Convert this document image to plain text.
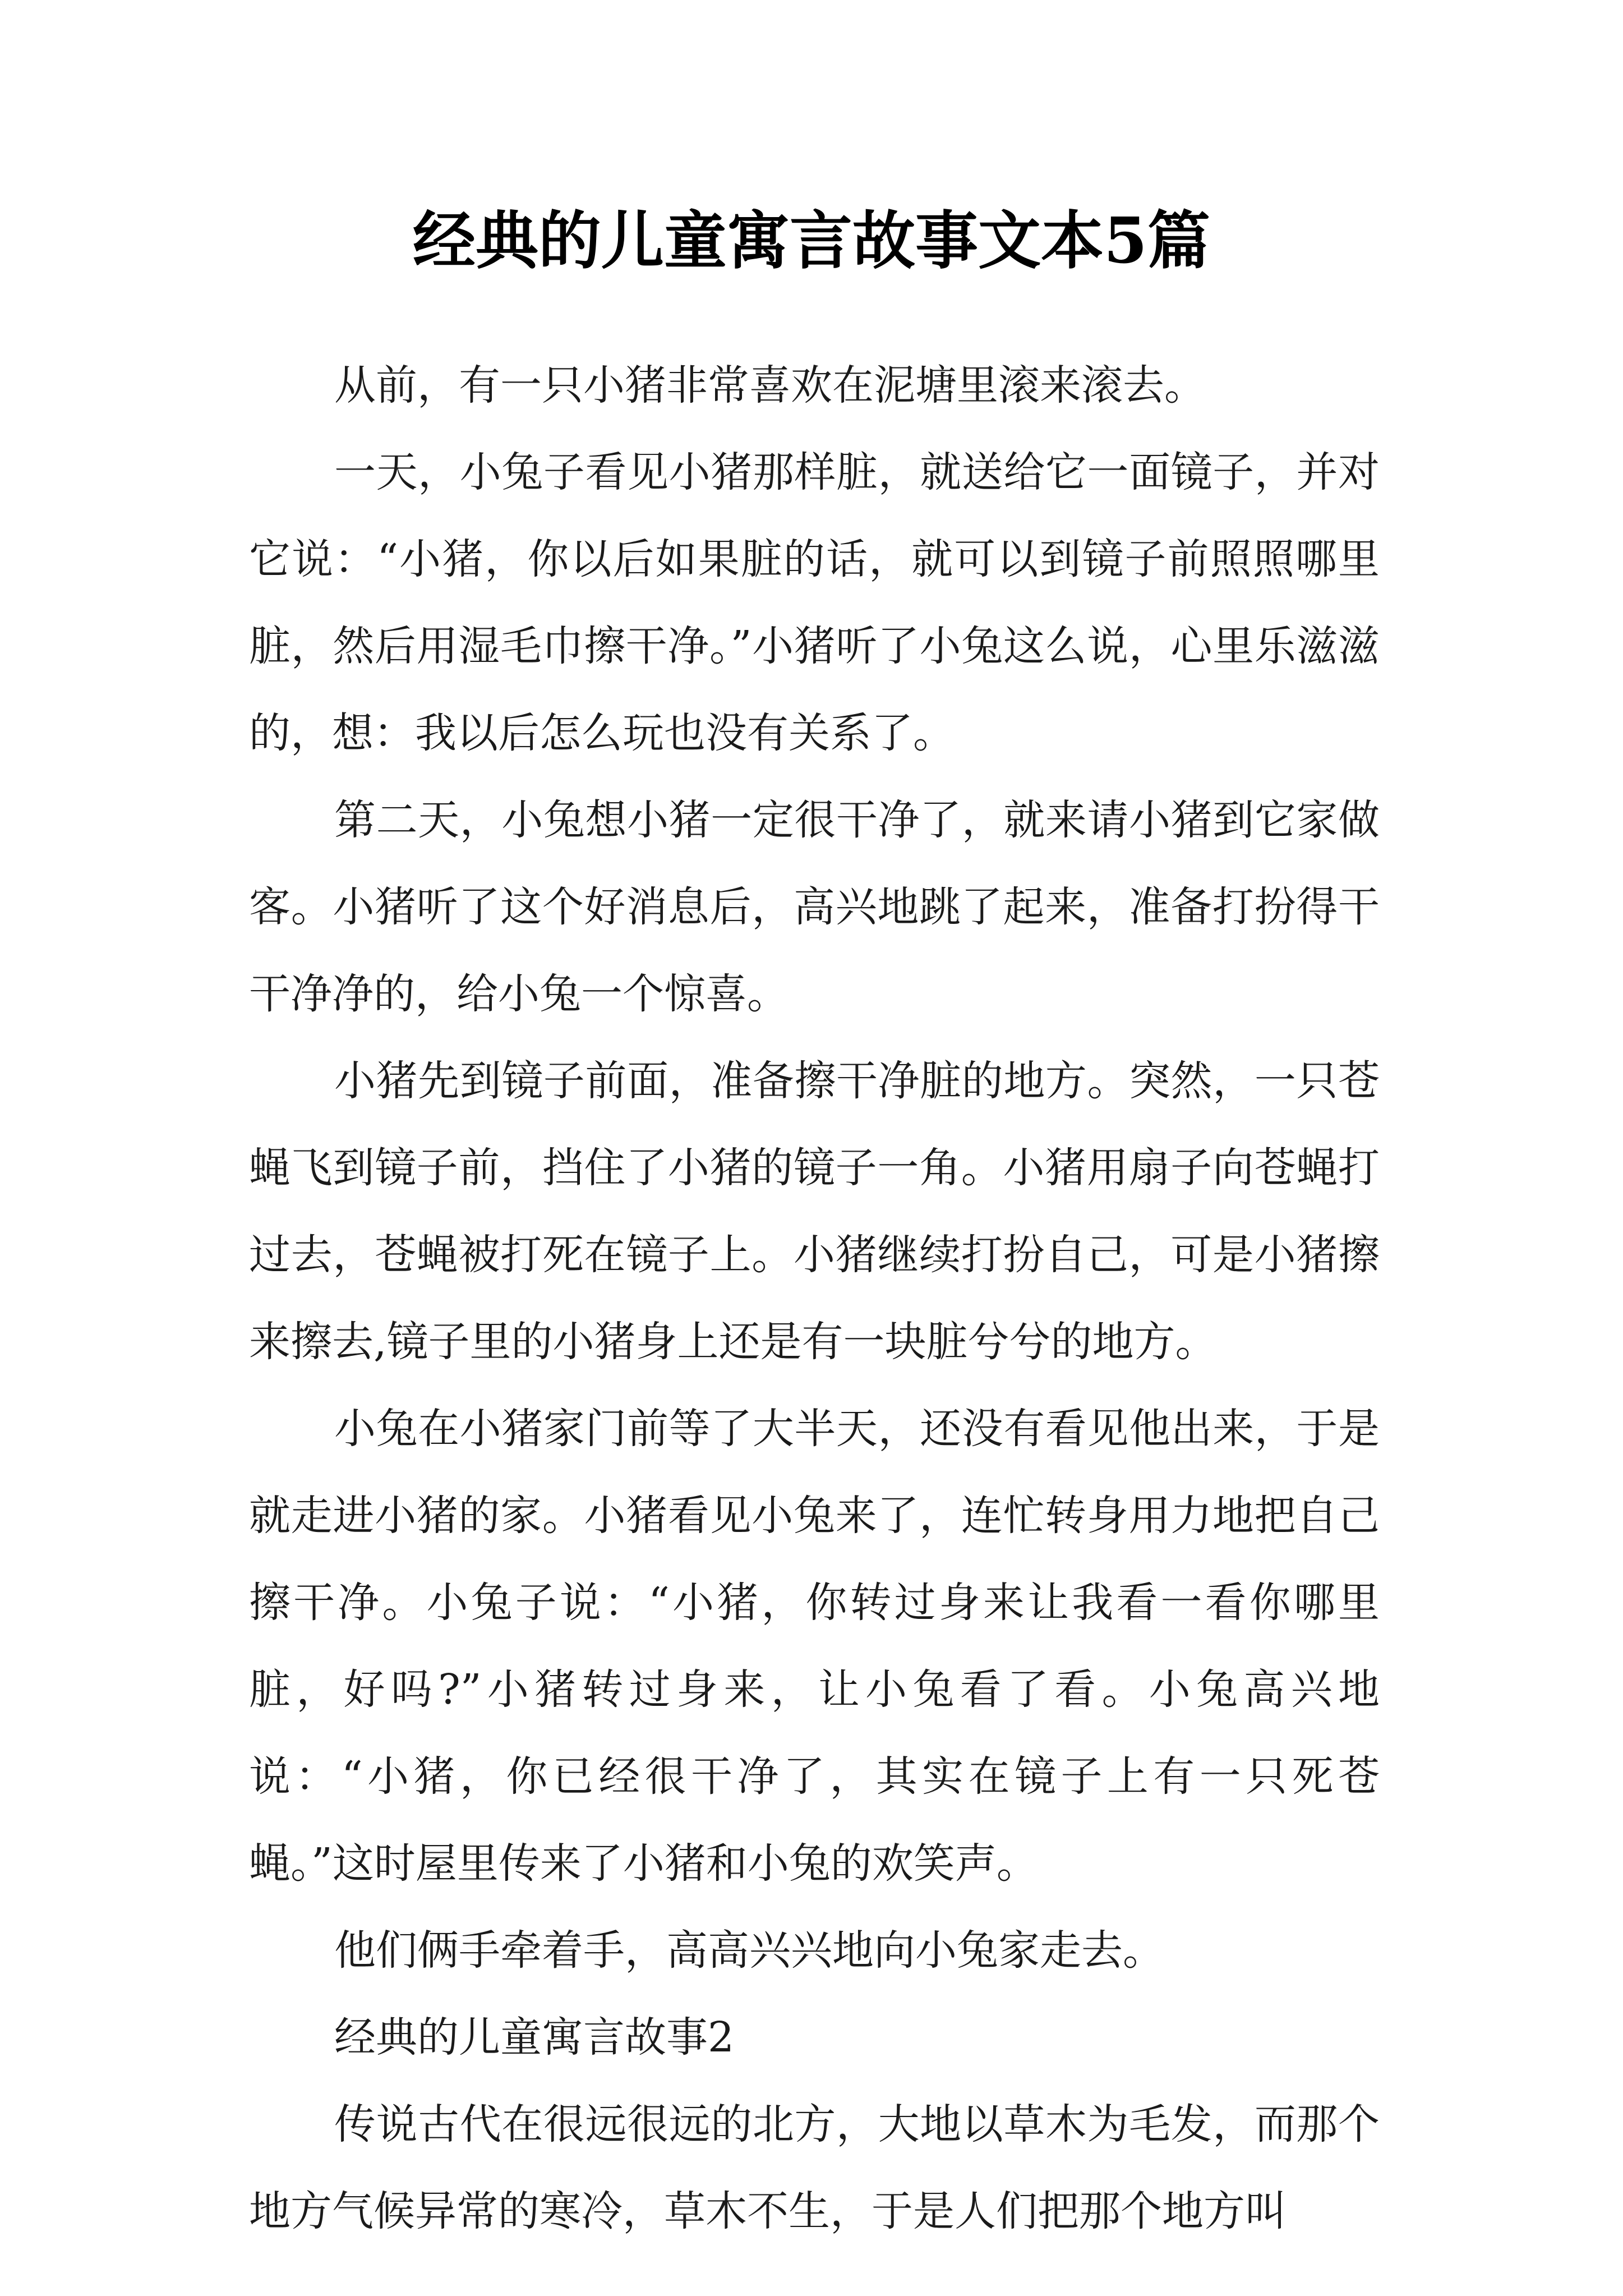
经典的儿童寓言故事文本5篇

从前，有一只小猪非常喜欢在泥塘里滚来滚去。

一天，小兔子看见小猪那样脏，就送给它一面镜子，并对它说：“小猪，你以后如果脏的话，就可以到镜子前照照哪里脏，然后用湿毛巾擦干净。”小猪听了小兔这么说，心里乐滋滋的，想：我以后怎么玩也没有关系了。

第二天，小兔想小猪一定很干净了，就来请小猪到它家做客。小猪听了这个好消息后，高兴地跳了起来，准备打扮得干干净净的，给小兔一个惊喜。

小猪先到镜子前面，准备擦干净脏的地方。突然，一只苍蝇飞到镜子前，挡住了小猪的镜子一角。小猪用扇子向苍蝇打过去，苍蝇被打死在镜子上。小猪继续打扮自己，可是小猪擦来擦去,镜子里的小猪身上还是有一块脏兮兮的地方。

小兔在小猪家门前等了大半天，还没有看见他出来，于是就走进小猪的家。小猪看见小兔来了，连忙转身用力地把自己擦干净。小兔子说：“小猪，你转过身来让我看一看你哪里脏，好吗?”小猪转过身来，让小兔看了看。小兔高兴地说：“小猪，你已经很干净了，其实在镜子上有一只死苍蝇。”这时屋里传来了小猪和小兔的欢笑声。

他们俩手牵着手，高高兴兴地向小兔家走去。

经典的儿童寓言故事2

传说古代在很远很远的北方，大地以草木为毛发，而那个地方气候异常的寒冷，草木不生，于是人们把那个地方叫
